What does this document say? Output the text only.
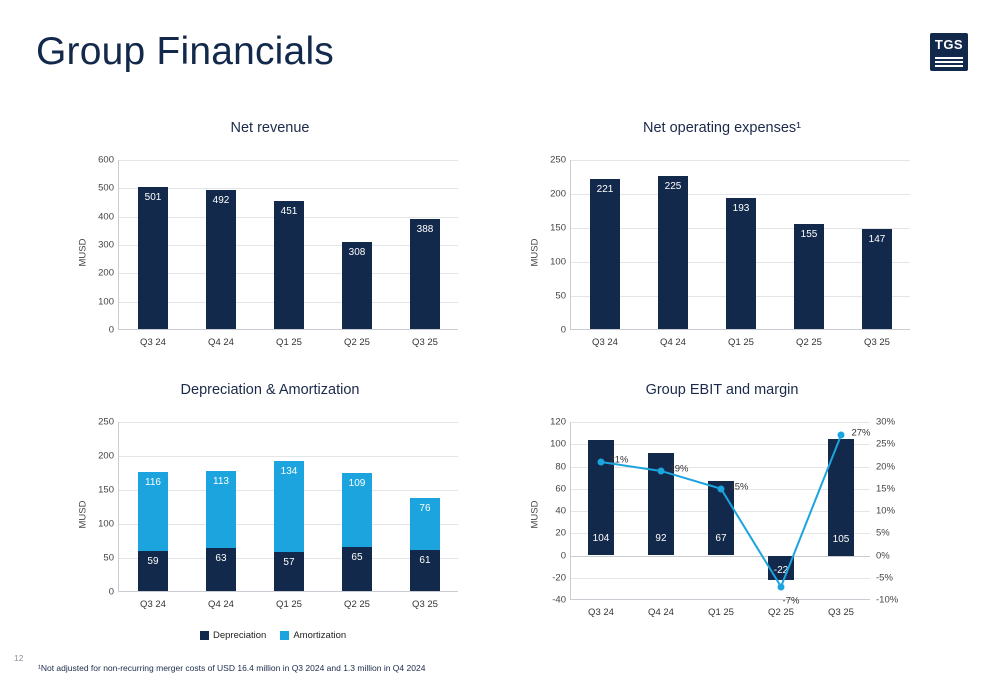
Group Financials	TGS
Net revenue
MUSD
0
100
200
300
400
500
600
501	492
451
308
388
Q3 24	Q4 24	Q1 25	Q2 25	Q3 25
Net operating expenses¹
MUSD
0
50
100
150
200
250
221	225
193
155	147
Q3 24	Q4 24	Q1 25	Q2 25	Q3 25
Depreciation & Amortization
MUSD
0
50
100
150
200
250
59
116
63
113
57
134
65
109
61
76
Q3 24	Q4 24	Q1 25	Q2 25	Q3 25
Depreciation	Amortization
Group EBIT and margin
MUSD
-40
-20
0
20
40
60
80
100
120
-10%
-5%
0%
5%
10%
15%
20%
25%
30%
104	92	67
-22
105
21%
19%
15%
-7%
27%
Q3 24	Q4 24	Q1 25	Q2 25	Q3 25
12
¹Not adjusted for non-recurring merger costs of USD 16.4 million in Q3 2024 and 1.3 million in Q4 2024
